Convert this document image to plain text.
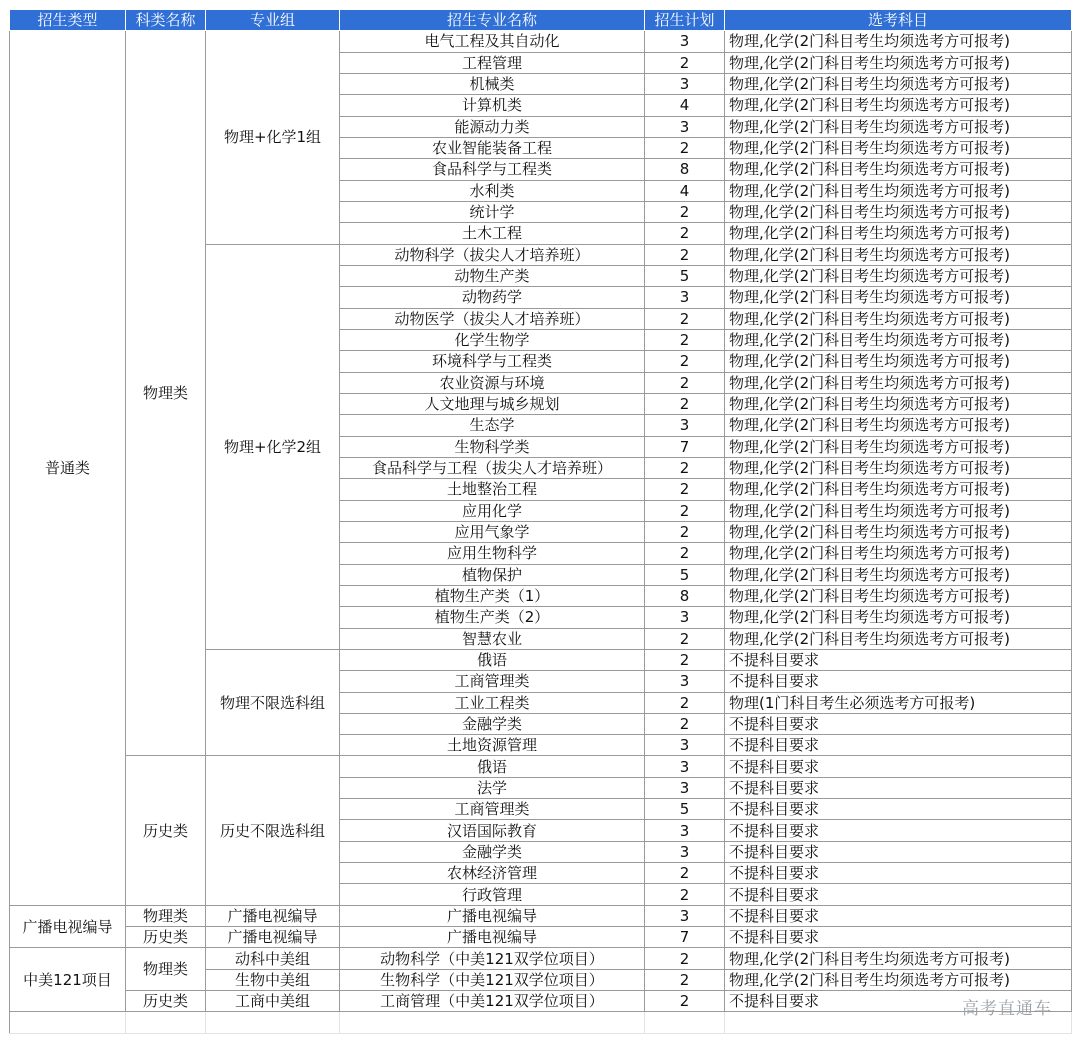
招生类型	科类名称	专业组	招生专业名称	招生计划	选考科目
普通类	物理类	物理+化学1组	电气工程及其自动化	3	物理,化学(2门科目考生均须选考方可报考)
			工程管理	2	物理,化学(2门科目考生均须选考方可报考)
			机械类	3	物理,化学(2门科目考生均须选考方可报考)
			计算机类	4	物理,化学(2门科目考生均须选考方可报考)
			能源动力类	3	物理,化学(2门科目考生均须选考方可报考)
			农业智能装备工程	2	物理,化学(2门科目考生均须选考方可报考)
			食品科学与工程类	8	物理,化学(2门科目考生均须选考方可报考)
			水利类	4	物理,化学(2门科目考生均须选考方可报考)
			统计学	2	物理,化学(2门科目考生均须选考方可报考)
			土木工程	2	物理,化学(2门科目考生均须选考方可报考)
		物理+化学2组	动物科学（拔尖人才培养班）	2	物理,化学(2门科目考生均须选考方可报考)
			动物生产类	5	物理,化学(2门科目考生均须选考方可报考)
			动物药学	3	物理,化学(2门科目考生均须选考方可报考)
			动物医学（拔尖人才培养班）	2	物理,化学(2门科目考生均须选考方可报考)
			化学生物学	2	物理,化学(2门科目考生均须选考方可报考)
			环境科学与工程类	2	物理,化学(2门科目考生均须选考方可报考)
			农业资源与环境	2	物理,化学(2门科目考生均须选考方可报考)
			人文地理与城乡规划	2	物理,化学(2门科目考生均须选考方可报考)
			生态学	3	物理,化学(2门科目考生均须选考方可报考)
			生物科学类	7	物理,化学(2门科目考生均须选考方可报考)
			食品科学与工程（拔尖人才培养班）	2	物理,化学(2门科目考生均须选考方可报考)
			土地整治工程	2	物理,化学(2门科目考生均须选考方可报考)
			应用化学	2	物理,化学(2门科目考生均须选考方可报考)
			应用气象学	2	物理,化学(2门科目考生均须选考方可报考)
			应用生物科学	2	物理,化学(2门科目考生均须选考方可报考)
			植物保护	5	物理,化学(2门科目考生均须选考方可报考)
			植物生产类（1）	8	物理,化学(2门科目考生均须选考方可报考)
			植物生产类（2）	3	物理,化学(2门科目考生均须选考方可报考)
			智慧农业	2	物理,化学(2门科目考生均须选考方可报考)
		物理不限选科组	俄语	2	不提科目要求
			工商管理类	3	不提科目要求
			工业工程类	2	物理(1门科目考生必须选考方可报考)
			金融学类	2	不提科目要求
			土地资源管理	3	不提科目要求
	历史类	历史不限选科组	俄语	3	不提科目要求
			法学	3	不提科目要求
			工商管理类	5	不提科目要求
			汉语国际教育	3	不提科目要求
			金融学类	3	不提科目要求
			农林经济管理	2	不提科目要求
			行政管理	2	不提科目要求
广播电视编导	物理类	广播电视编导	广播电视编导	3	不提科目要求
	历史类	广播电视编导	广播电视编导	7	不提科目要求
中美121项目	物理类	动科中美组	动物科学（中美121双学位项目）	2	物理,化学(2门科目考生均须选考方可报考)
		生物中美组	生物科学（中美121双学位项目）	2	物理,化学(2门科目考生均须选考方可报考)
	历史类	工商中美组	工商管理（中美121双学位项目）	2	不提科目要求
						高考直通车
